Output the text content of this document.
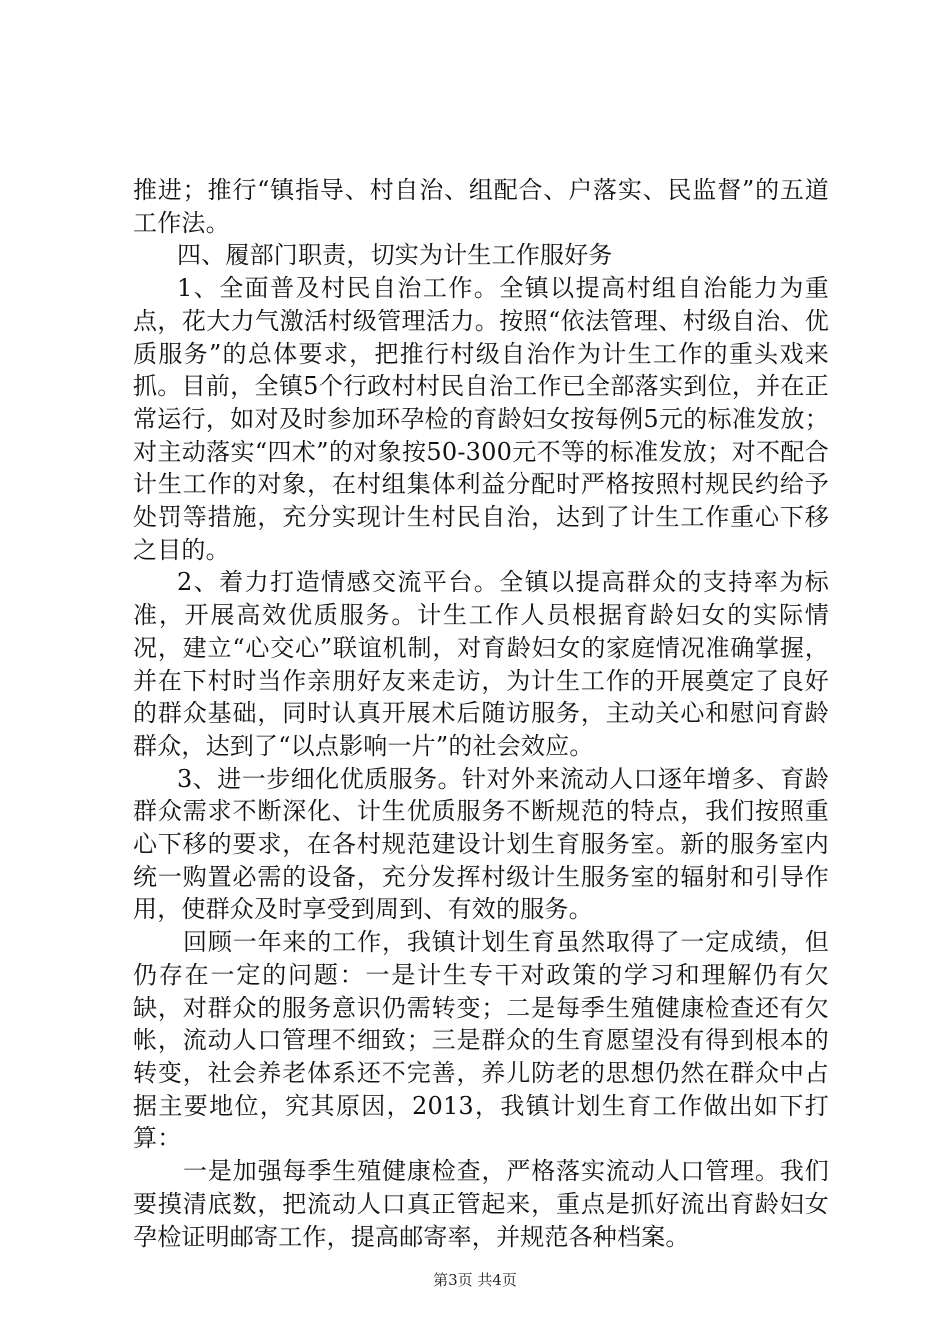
推进；推行“镇指导、村自治、组配合、户落实、民监督”的五道工作法。

四、履部门职责，切实为计生工作服好务

1、全面普及村民自治工作。全镇以提高村组自治能力为重点，花大力气激活村级管理活力。按照“依法管理、村级自治、优质服务”的总体要求，把推行村级自治作为计生工作的重头戏来抓。目前，全镇5个行政村村民自治工作已全部落实到位，并在正常运行，如对及时参加环孕检的育龄妇女按每例5元的标准发放；对主动落实“四术”的对象按50-300元不等的标准发放；对不配合计生工作的对象，在村组集体利益分配时严格按照村规民约给予处罚等措施，充分实现计生村民自治，达到了计生工作重心下移之目的。

2、着力打造情感交流平台。全镇以提高群众的支持率为标准，开展高效优质服务。计生工作人员根据育龄妇女的实际情况，建立“心交心”联谊机制，对育龄妇女的家庭情况准确掌握，并在下村时当作亲朋好友来走访，为计生工作的开展奠定了良好的群众基础，同时认真开展术后随访服务，主动关心和慰问育龄群众，达到了“以点影响一片”的社会效应。

3、进一步细化优质服务。针对外来流动人口逐年增多、育龄群众需求不断深化、计生优质服务不断规范的特点，我们按照重心下移的要求，在各村规范建设计划生育服务室。新的服务室内统一购置必需的设备，充分发挥村级计生服务室的辐射和引导作用，使群众及时享受到周到、有效的服务。

回顾一年来的工作，我镇计划生育虽然取得了一定成绩，但仍存在一定的问题：一是计生专干对政策的学习和理解仍有欠缺，对群众的服务意识仍需转变；二是每季生殖健康检查还有欠帐，流动人口管理不细致；三是群众的生育愿望没有得到根本的转变，社会养老体系还不完善，养儿防老的思想仍然在群众中占据主要地位，究其原因，2013，我镇计划生育工作做出如下打算：

一是加强每季生殖健康检查，严格落实流动人口管理。我们要摸清底数，把流动人口真正管起来，重点是抓好流出育龄妇女孕检证明邮寄工作，提高邮寄率，并规范各种档案。

第3页 共4页
